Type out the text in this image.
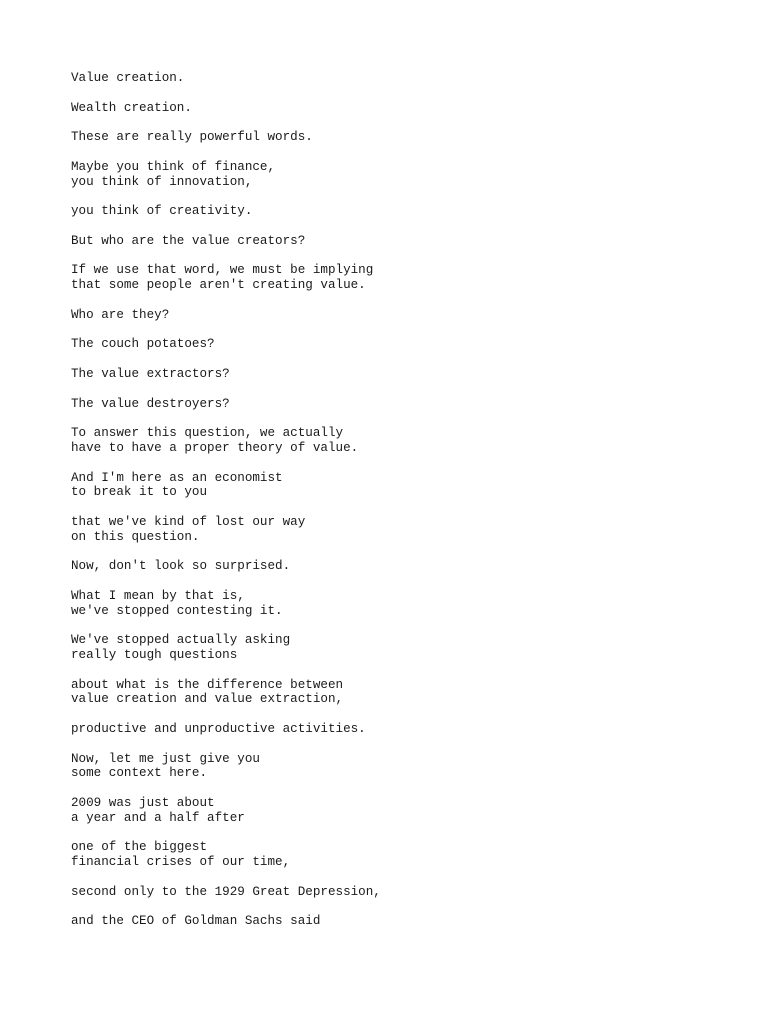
Value creation.

Wealth creation.

These are really powerful words.

Maybe you think of finance,
you think of innovation,

you think of creativity.

But who are the value creators?

If we use that word, we must be implying
that some people aren't creating value.

Who are they?

The couch potatoes?

The value extractors?

The value destroyers?

To answer this question, we actually
have to have a proper theory of value.

And I'm here as an economist
to break it to you

that we've kind of lost our way
on this question.

Now, don't look so surprised.

What I mean by that is,
we've stopped contesting it.

We've stopped actually asking
really tough questions

about what is the difference between
value creation and value extraction,

productive and unproductive activities.

Now, let me just give you
some context here.

2009 was just about
a year and a half after

one of the biggest
financial crises of our time,

second only to the 1929 Great Depression,

and the CEO of Goldman Sachs said
